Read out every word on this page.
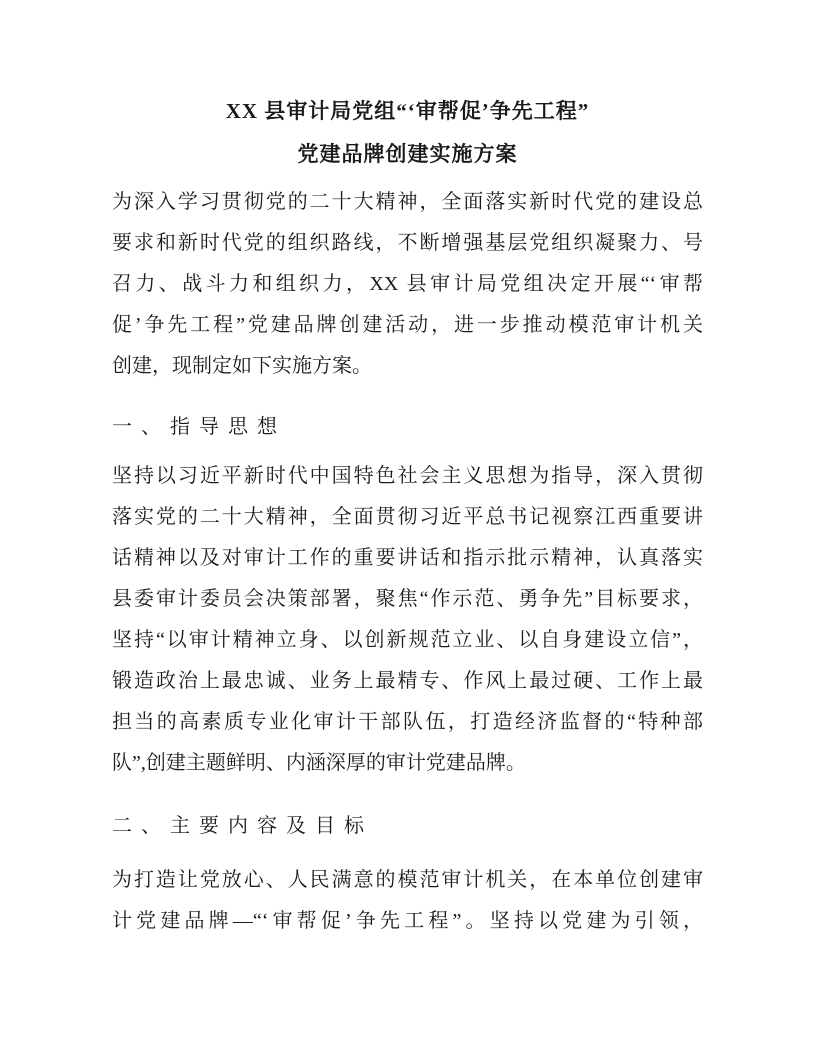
XX 县审计局党组“‘审帮促’争先工程”
党建品牌创建实施方案

为深入学习贯彻党的二十大精神，全面落实新时代党的建设总
要求和新时代党的组织路线，不断增强基层党组织凝聚力、号
召力、战斗力和组织力，XX 县审计局党组决定开展“‘审帮
促’争先工程”党建品牌创建活动，进一步推动模范审计机关
创建，现制定如下实施方案。

一、指导思想

坚持以习近平新时代中国特色社会主义思想为指导，深入贯彻
落实党的二十大精神，全面贯彻习近平总书记视察江西重要讲
话精神以及对审计工作的重要讲话和指示批示精神，认真落实
县委审计委员会决策部署，聚焦“作示范、勇争先”目标要求，
坚持“以审计精神立身、以创新规范立业、以自身建设立信”，
锻造政治上最忠诚、业务上最精专、作风上最过硬、工作上最
担当的高素质专业化审计干部队伍，打造经济监督的“特种部
队”,创建主题鲜明、内涵深厚的审计党建品牌。

二、主要内容及目标

为打造让党放心、人民满意的模范审计机关，在本单位创建审
计党建品牌—“‘审帮促’争先工程”。坚持以党建为引领，
